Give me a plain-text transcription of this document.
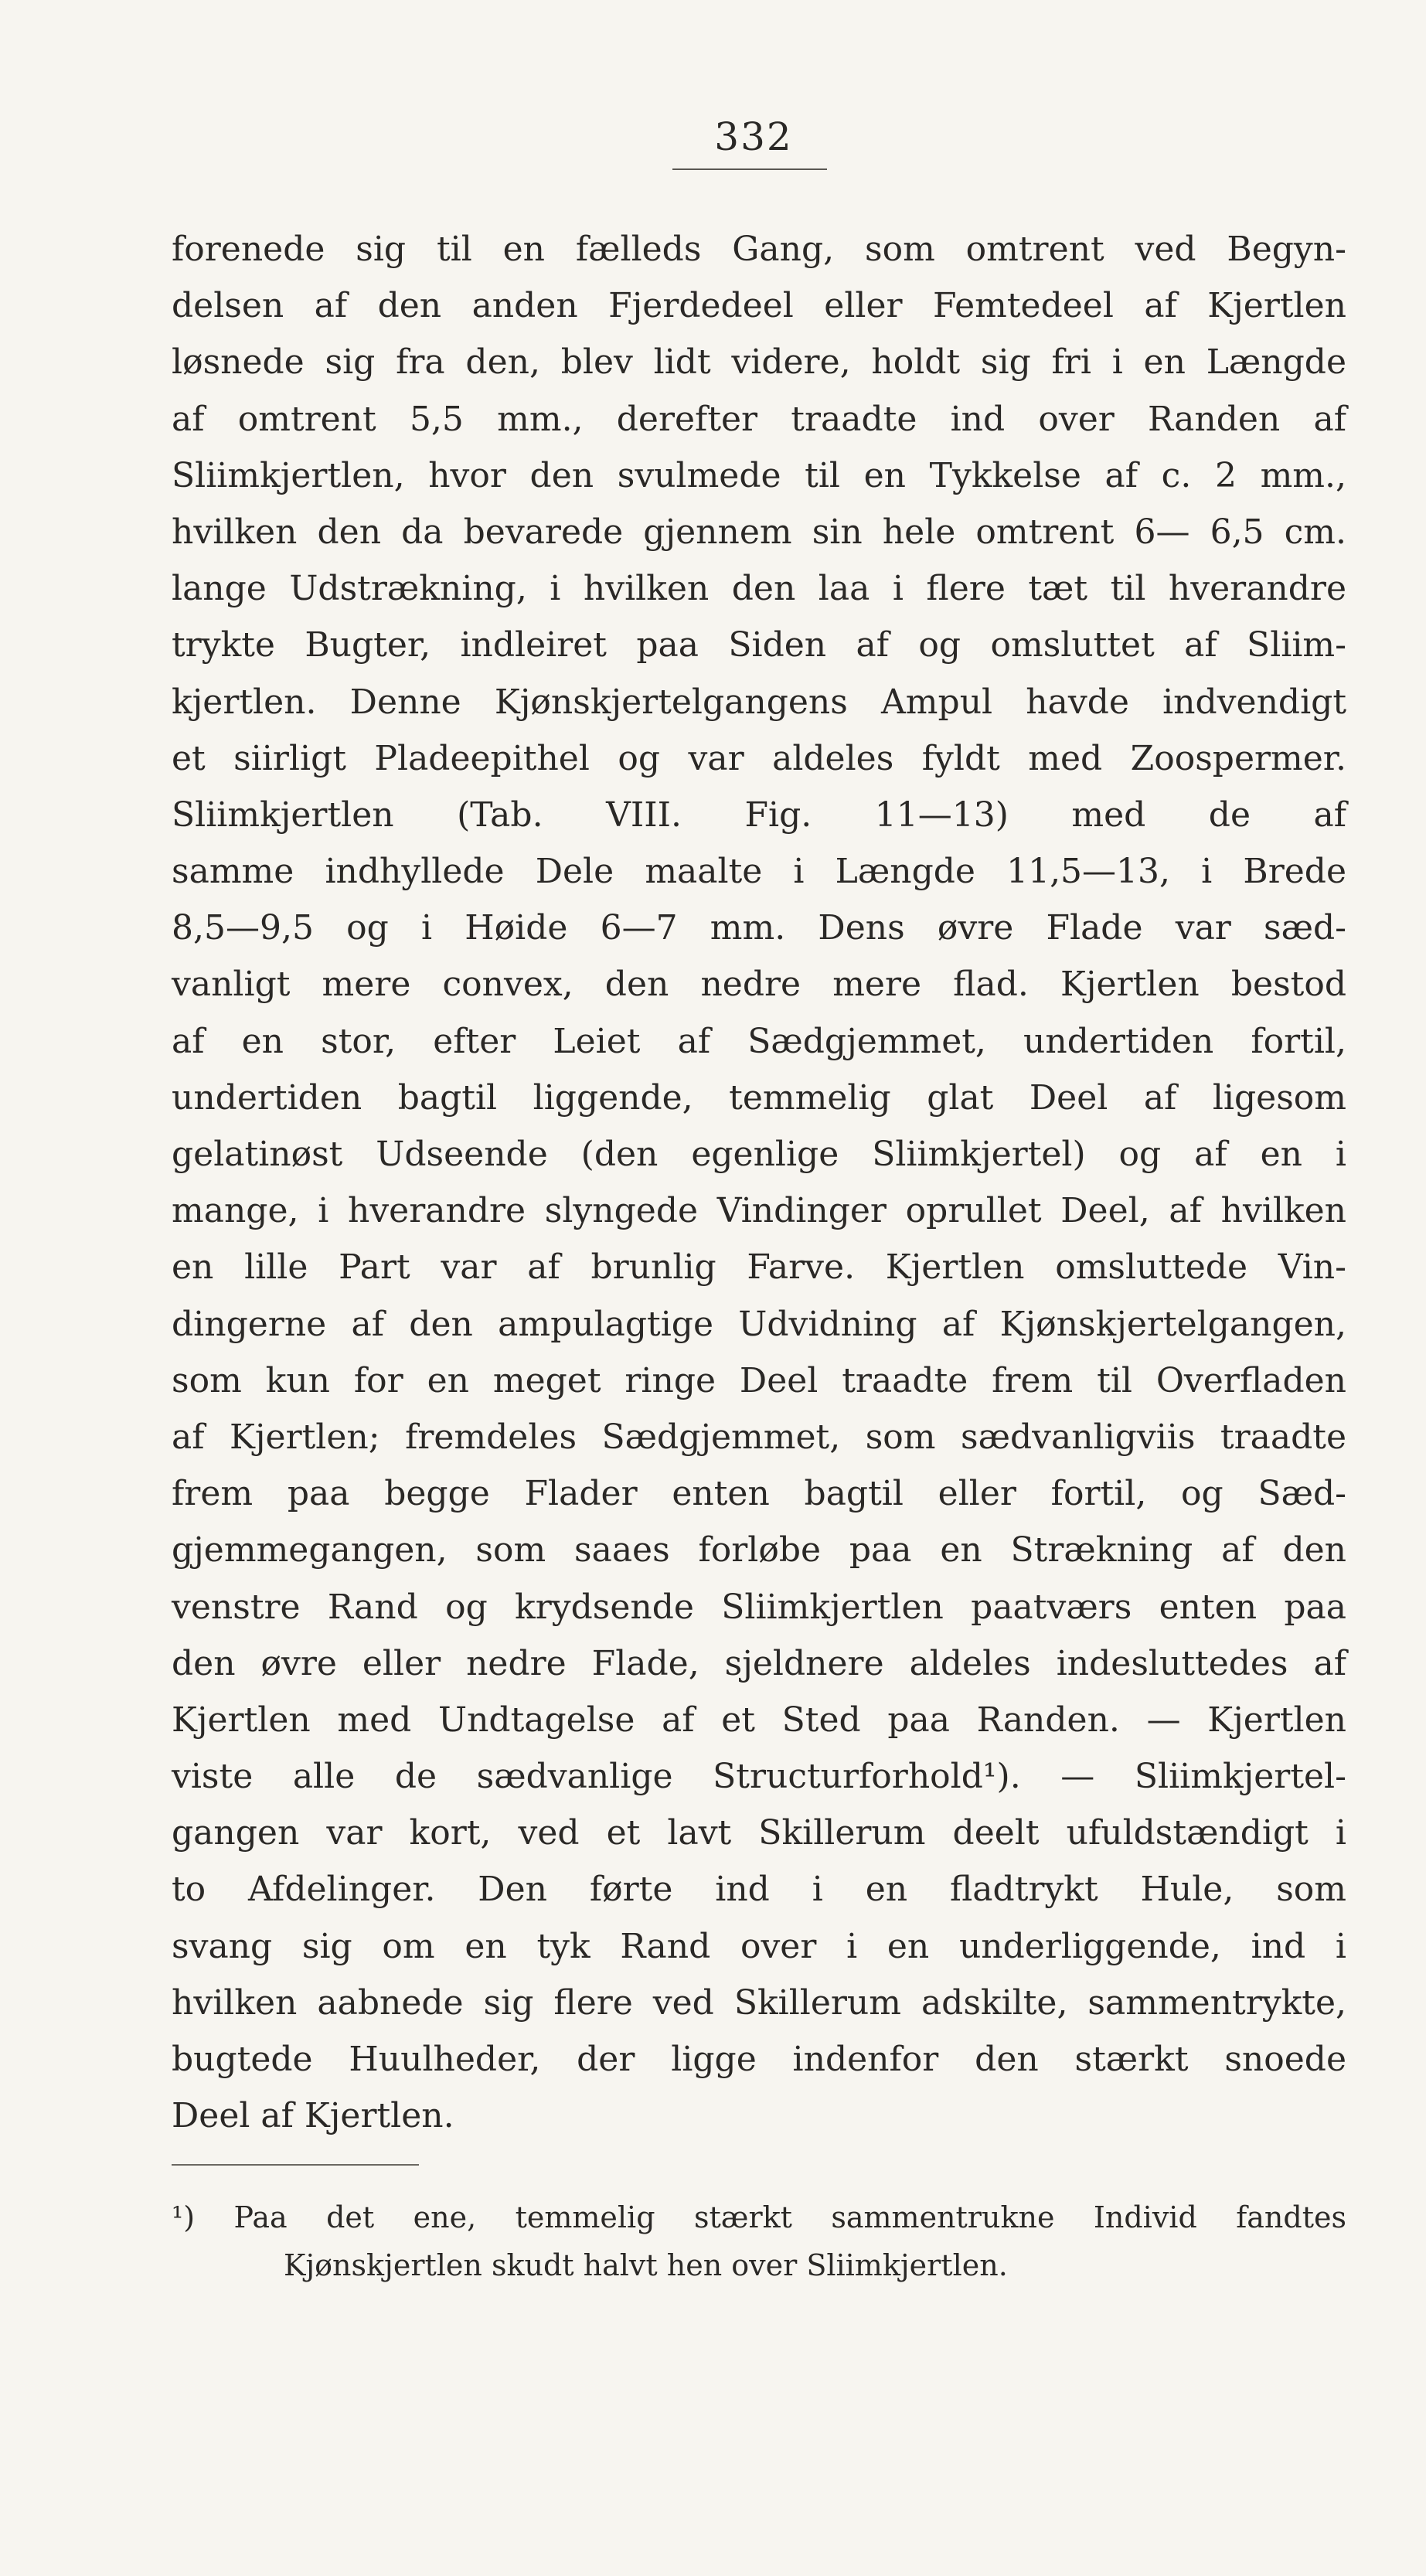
332
forenede sig til en fælleds Gang, som omtrent ved Begyn-
delsen af den anden Fjerdedeel eller Femtedeel af Kjertlen
løsnede sig fra den, blev lidt videre, holdt sig fri i en Længde
af omtrent 5,5 mm., derefter traadte ind over Randen af
Sliimkjertlen, hvor den svulmede til en Tykkelse af c. 2 mm.,
hvilken den da bevarede gjennem sin hele omtrent 6— 6,5 cm.
lange Udstrækning, i hvilken den laa i flere tæt til hverandre
trykte Bugter, indleiret paa Siden af og omsluttet af Sliim-
kjertlen. Denne Kjønskjertelgangens Ampul havde indvendigt
et siirligt Pladeepithel og var aldeles fyldt med Zoospermer.
Sliimkjertlen (Tab. VIII. Fig. 11—13) med de af
samme indhyllede Dele maalte i Længde 11,5—13, i Brede
8,5—9,5 og i Høide 6—7 mm. Dens øvre Flade var sæd-
vanligt mere convex, den nedre mere flad. Kjertlen bestod
af en stor, efter Leiet af Sædgjemmet, undertiden fortil,
undertiden bagtil liggende, temmelig glat Deel af ligesom
gelatinøst Udseende (den egenlige Sliimkjertel) og af en i
mange, i hverandre slyngede Vindinger oprullet Deel, af hvilken
en lille Part var af brunlig Farve. Kjertlen omsluttede Vin-
dingerne af den ampulagtige Udvidning af Kjønskjertelgangen,
som kun for en meget ringe Deel traadte frem til Overfladen
af Kjertlen; fremdeles Sædgjemmet, som sædvanligviis traadte
frem paa begge Flader enten bagtil eller fortil, og Sæd-
gjemmegangen, som saaes forløbe paa en Strækning af den
venstre Rand og krydsende Sliimkjertlen paatværs enten paa
den øvre eller nedre Flade, sjeldnere aldeles indesluttedes af
Kjertlen med Undtagelse af et Sted paa Randen. — Kjertlen
viste alle de sædvanlige Structurforhold¹). — Sliimkjertel-
gangen var kort, ved et lavt Skillerum deelt ufuldstændigt i
to Afdelinger. Den førte ind i en fladtrykt Hule, som
svang sig om en tyk Rand over i en underliggende, ind i
hvilken aabnede sig flere ved Skillerum adskilte, sammentrykte,
bugtede Huulheder, der ligge indenfor den stærkt snoede
Deel af Kjertlen.
¹) Paa det ene, temmelig stærkt sammentrukne Individ fandtes
Kjønskjertlen skudt halvt hen over Sliimkjertlen.
